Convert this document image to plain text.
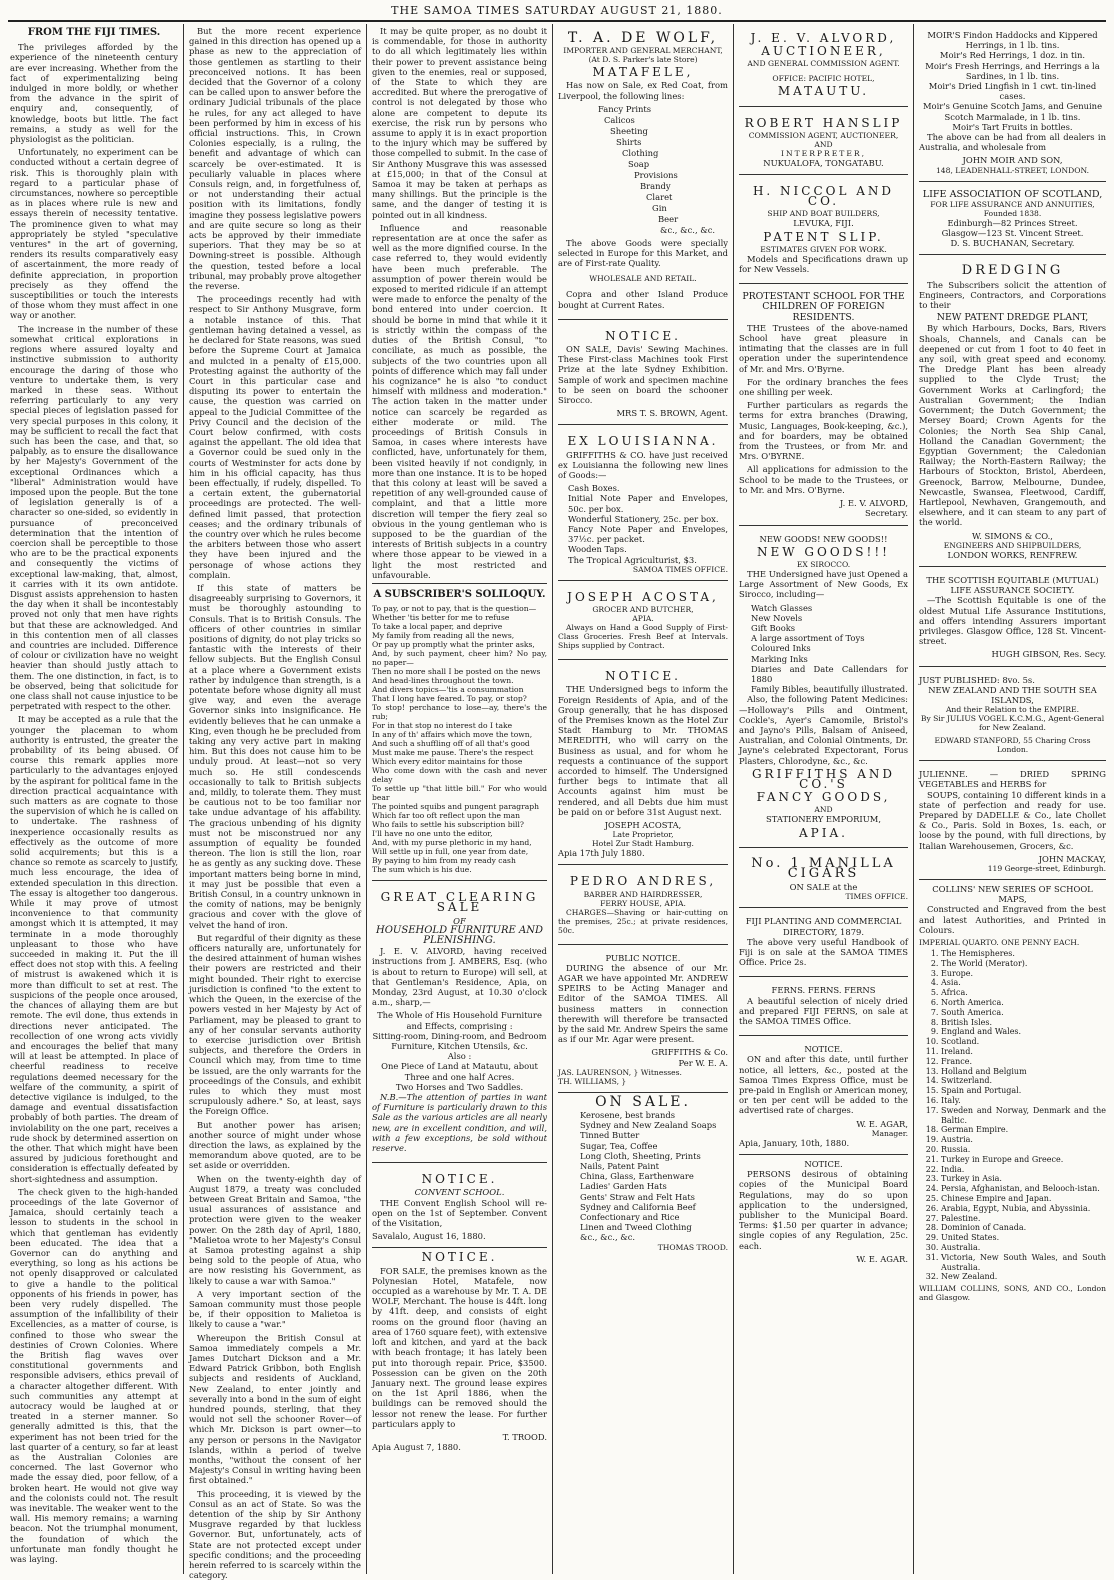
THE SAMOA TIMES SATURDAY AUGUST 21, 1880.
FROM THE FIJI TIMES.

The privileges afforded by the experience of the nineteenth century are ever increasing. Whether from the fact of experimentalizing being indulged in more boldly, or whether from the advance in the spirit of enquiry and, consequently, of knowledge, boots but little. The fact remains, a study as well for the physiologist as the politician.

Unfortunately, no experiment can be conducted without a certain degree of risk. This is thoroughly plain with regard to a particular phase of circumstances, nowhere so perceptible as in places where rule is new and essays therein of necessity tentative. The prominence given to what may appropriately be styled "speculative ventures" in the art of governing, renders its results comparatively easy of ascertainment, the more ready of definite appreciation, in proportion precisely as they offend the susceptibilities or touch the interests of those whom they must affect in one way or another.

The increase in the number of these somewhat critical explorations in regions where assured loyalty and instinctive submission to authority encourage the daring of those who venture to undertake them, is very marked in these seas. Without referring particularly to any very special pieces of legislation passed for very special purposes in this colony, it may be sufficient to recall the fact that such has been the case, and that, so palpably, as to ensure the disallowance by her Majesty's Government of the exceptional Ordinances which a "liberal" Administration would have imposed upon the people. But the tone of legislation generally is of a character so one-sided, so evidently in pursuance of preconceived determination that the intention of coercion shall be perceptible to those who are to be the practical exponents and consequently the victims of exceptional law-making, that, almost, it carries with it its own antidote. Disgust assists apprehension to hasten the day when it shall be incontestably proved not only that men have rights but that these are acknowledged. And in this contention men of all classes and countries are included. Difference of colour or civilization have no weight heavier than should justly attach to them. The one distinction, in fact, is to be observed, being that solicitude for one class shall not cause injustice to be perpetrated with respect to the other.

It may be accepted as a rule that the younger the placeman to whom authority is entrusted, the greater the probability of its being abused. Of course this remark applies more particularly to the advantages enjoyed by the aspirant for political fame in the direction practical acquaintance with such matters as are cognate to those the supervision of which he is called on to undertake. The rashness of inexperience occasionally results as effectively as the outcome of more solid acquirements; but this is a chance so remote as scarcely to justify, much less encourage, the idea of extended speculation in this direction. The essay is altogether too dangerous. While it may prove of utmost inconvenience to that community amongst which it is attempted, it may terminate in a mode thoroughly unpleasant to those who have succeeded in making it. Put the ill effect does not stop with this. A feeling of mistrust is awakened which it is more than difficult to set at rest. The suspicions of the people once aroused, the chances of allaying them are but remote. The evil done, thus extends in directions never anticipated. The recollection of one wrong acts vividly and encourages the belief that many will at least be attempted. In place of cheerful readiness to receive regulations deemed necessary for the welfare of the community, a spirit of detective vigilance is indulged, to the damage and eventual dissatisfaction probably of both parties. The dream of inviolability on the one part, receives a rude shock by determined assertion on the other. That which might have been assured by judicious forethought and consideration is effectually defeated by short-sightedness and assumption.

The check given to the high-handed proceedings of the late Governor of Jamaica, should certainly teach a lesson to students in the school in which that gentleman has evidently been educated. The idea that a Governor can do anything and everything, so long as his actions be not openly disapproved or calculated to give a handle to the political opponents of his friends in power, has been very rudely dispelled. The assumption of the infallibility of their Excellencies, as a matter of course, is confined to those who swear the destinies of Crown Colonies. Where the British flag waves over constitutional governments and responsible advisers, ethics prevail of a character altogether different. With such communities any attempt at autocracy would be laughed at or treated in a sterner manner. So generally admitted is this, that the experiment has not been tried for the last quarter of a century, so far at least as the Australian Colonies are concerned. The last Governor who made the essay died, poor fellow, of a broken heart. He would not give way and the colonists could not. The result was inevitable. The weaker went to the wall. His memory remains; a warning beacon. Not the triumphal monument, the foundation of which the unfortunate man fondly thought he was laying.

But the more recent experience gained in this direction has opened up a phase as new to the appreciation of those gentlemen as startling to their preconceived notions. It has been decided that the Governor of a colony can be called upon to answer before the ordinary Judicial tribunals of the place he rules, for any act alleged to have been performed by him in excess of his official instructions. This, in Crown Colonies especially, is a ruling, the benefit and advantage of which can scarcely be over-estimated. It is peculiarly valuable in places where Consuls reign, and, in forgetfulness of, or not understanding their actual position with its limitations, fondly imagine they possess legislative powers and are quite secure so long as their acts be approved by their immediate superiors. That they may be so at Downing-street is possible. Although the question, tested before a local tribunal, may probably prove altogether the reverse.

The proceedings recently had with respect to Sir Anthony Musgrave, form a notable instance of this. That gentleman having detained a vessel, as he declared for State reasons, was sued before the Supreme Court at Jamaica and mulcted in a penalty of £15,000. Protesting against the authority of the Court in this particular case and disputing its power to entertain the cause, the question was carried on appeal to the Judicial Committee of the Privy Council and the decision of the Court below confirmed, with costs against the appellant. The old idea that a Governor could be sued only in the courts of Westminster for acts done by him in his official capacity, has thus been effectually, if rudely, dispelled. To a certain extent, the gubernatorial proceedings are protected. The well-defined limit passed, that protection ceases; and the ordinary tribunals of the country over which he rules become the arbiters between those who assert they have been injured and the personage of whose actions they complain.

If this state of matters be disagreeably surprising to Governors, it must be thoroughly astounding to Consuls. That is to British Consuls. The officers of other countries in similar positions of dignity, do not play tricks so fantastic with the interests of their fellow subjects. But the English Consul at a place where a Government exists rather by indulgence than strength, is a potentate before whose dignity all must give way, and even the average Governor sinks into insignificance. He evidently believes that he can unmake a King, even though he be precluded from taking any very active part in making him. But this does not cause him to be unduly proud. At least—not so very much so. He still condescends occasionally to talk to British subjects and, mildly, to tolerate them. They must be cautious not to be too familiar nor take undue advantage of his affability. The gracious unbending of his dignity must not be misconstrued nor any assumption of equality be founded thereon. The lion is still the lion, roar he as gently as any sucking dove. These important matters being borne in mind, it may just be possible that even a British Consul, in a country unknown in the comity of nations, may be benignly gracious and cover with the glove of velvet the hand of iron.

But regardful of their dignity as these officers naturally are, unfortunately for the desired attainment of human wishes their powers are restricted and their might bounded. Their right to exercise jurisdiction is confined "to the extent to which the Queen, in the exercise of the powers vested in her Majesty by Act of Parliament, may be pleased to grant to any of her consular servants authority to exercise jurisdiction over British subjects, and therefore the Orders in Council which may, from time to time be issued, are the only warrants for the proceedings of the Consuls, and exhibit rules to which they must most scrupulously adhere." So, at least, says the Foreign Office.

But another power has arisen; another source of might under whose direction the laws, as explained by the memorandum above quoted, are to be set aside or overridden.

When on the twenty-eighth day of August 1879, a treaty was concluded between Great Britain and Samoa, "the usual assurances of assistance and protection were given to the weaker power. On the 28th day of April, 1880, "Malietoa wrote to her Majesty's Consul at Samoa protesting against a ship being sold to the people of Atua, who are now resisting his Government, as likely to cause a war with Samoa."

A very important section of the Samoan community must those people be, if their opposition to Malietoa is likely to cause a "war."

Whereupon the British Consul at Samoa immediately compels a Mr. James Dutchart Dickson and a Mr. Edward Patrick Gribbon, both English subjects and residents of Auckland, New Zealand, to enter jointly and severally into a bond in the sum of eight hundred pounds, sterling, that they would not sell the schooner Rover—of which Mr. Dickson is part owner—to any person or persons in the Navigator Islands, within a period of twelve months, "without the consent of her Majesty's Consul in writing having been first obtained."

This proceeding, it is viewed by the Consul as an act of State. So was the detention of the ship by Sir Anthony Musgrave regarded by that luckless Governor. But, unfortunately, acts of State are not protected except under specific conditions; and the proceeding herein referred to is scarcely within the category.

It may be quite proper, as no doubt it is commendable, for those in authority to do all which legitimately lies within their power to prevent assistance being given to the enemies, real or supposed, of the State to which they are accredited. But where the prerogative of control is not delegated by those who alone are competent to depute its exercise, the risk run by persons who assume to apply it is in exact proportion to the injury which may be suffered by those compelled to submit. In the case of Sir Anthony Musgrave this was assessed at £15,000; in that of the Consul at Samoa it may be taken at perhaps as many shillings. But the principle is the same, and the danger of testing it is pointed out in all kindness.

Influence and reasonable representation are at once the safer as well as the more dignified course. In the case referred to, they would evidently have been much preferable. The assumption of power therein would be exposed to merited ridicule if an attempt were made to enforce the penalty of the bond entered into under coercion. It should be borne in mind that while it it is strictly within the compass of the duties of the British Consul, "to conciliate, as much as possible, the subjects of the two countries upon all points of difference which may fall under his cognizance" he is also "to conduct himself with mildness and moderation." The action taken in the matter under notice can scarcely be regarded as either moderate or mild. The proceedings of British Consuls in Samoa, in cases where interests have conflicted, have, unfortunately for them, been visited heavily if not condignly, in more than one instance. It is to be hoped that this colony at least will be saved a repetition of any well-grounded cause of complaint, and that a little more discretion will temper the fiery zeal so obvious in the young gentleman who is supposed to be the guardian of the interests of British subjects in a country where those appear to be viewed in a light the most restricted and unfavourable.

A SUBSCRIBER'S SOLILOQUY.
To pay, or not to pay, that is the question—
Whether 'tis better for me to refuse
To take a local paper, and deprive
My family from reading all the news,
Or pay up promptly what the printer asks,
And, by such payment, cheer him? No pay, no paper—
Then no more shall I be posted on the news
And head-lines throughout the town.
And divers topics—'tis a consummation
That I long have feared. To pay, or stop?
To stop! perchance to lose—ay, there's the rub;
For in that stop no interest do I take
In any of th' affairs which move the town,
And such a shuffling off of all that's good
Must make me pause. There's the respect
Which every editor maintains for those
Who come down with the cash and never delay
To settle up "that little bill." For who would bear
The pointed squibs and pungent paragraph
Which far too oft reflect upon the man
Who fails to settle his subscription bill?
I'll have no one unto the editor,
And, with my purse plethoric in my hand,
Will settle up in full, one year from date,
By paying to him from my ready cash
The sum which is his due.
GREAT CLEARING SALE
OF
HOUSEHOLD FURNITURE AND PLENISHING.

J. E. V. ALVORD, having received instructions from J. AMBERS, Esq. (who is about to return to Europe) will sell, at that Gentleman's Residence, Apia, on Monday, 23rd August, at 10.30 o'clock a.m., sharp,—

The Whole of His Household Furniture and Effects, comprising :
Sitting-room, Dining-room, and Bedroom Furniture, Kitchen Utensils, &c.
Also :
One Piece of Land at Matautu, about Three and one half Acres.
Two Horses and Two Saddles.

N.B.—The attention of parties in want of Furniture is particularly drawn to this Sale as the various articles are all nearly new, are in excellent condition, and will, with a few exceptions, be sold without reserve.

NOTICE.
CONVENT SCHOOL.

THE Convent English School will re-open on the 1st of September. Convent of the Visitation,

Savalalo, August 16, 1880.
NOTICE.

FOR SALE, the premises known as the Polynesian Hotel, Matafele, now occupied as a warehouse by Mr. T. A. DE WOLF, Merchant. The house is 44ft. long by 41ft. deep, and consists of eight rooms on the ground floor (having an area of 1760 square feet), with extensive loft and kitchen, and yard at the back with beach frontage; it has lately been put into thorough repair. Price, $3500. Possession can be given on the 20th January next. The ground lease expires on the 1st April 1886, when the buildings can be removed should the lessor not renew the lease. For further particulars apply to

T. TROOD.
Apia August 7, 1880.
T. A. DE WOLF,
IMPORTER AND GENERAL MERCHANT,
(At D. S. Parker's late Store)
MATAFELE,

Has now on Sale, ex Red Coat, from Liverpool, the following lines:

Fancy Prints
Calicos
Sheeting
Shirts
Clothing
Soap
Provisions
Brandy
Claret
Gin
Beer
&c., &c., &c.

The above Goods were specially selected in Europe for this Market, and are of First-rate Quality.

WHOLESALE AND RETAIL.

Copra and other Island Produce bought at Current Rates.

NOTICE.

ON SALE, Davis' Sewing Machines. These First-class Machines took First Prize at the late Sydney Exhibition. Sample of work and specimen machine to be seen on board the schooner Sirocco.

MRS T. S. BROWN, Agent.
EX LOUISIANNA.

GRIFFITHS & CO. have just received ex Louisianna the following new lines of Goods:—

Cash Boxes.
Initial Note Paper and Envelopes, 50c. per box.
Wonderful Stationery, 25c. per box.
Fancy Note Paper and Envelopes, 37½c. per packet.
Wooden Taps.
The Tropical Agriculturist, $3.
SAMOA TIMES OFFICE.
JOSEPH ACOSTA,
GROCER AND BUTCHER,
APIA.

Always on Hand a Good Supply of First-Class Groceries. Fresh Beef at Intervals. Ships supplied by Contract.

NOTICE.

THE Undersigned begs to inform the Foreign Residents of Apia, and of the Group generally, that he has disposed of the Premises known as the Hotel Zur Stadt Hamburg to Mr. THOMAS MEREDITH, who will carry on the Business as usual, and for whom he requests a continuance of the support accorded to himself. The Undersigned further begs to intimate that all Accounts against him must be rendered, and all Debts due him must be paid on or before 31st August next.

JOSEPH ACOSTA,
Late Proprietor,
Hotel Zur Stadt Hamburg.
Apia 17th July 1880.
PEDRO ANDRES,
BARBER AND HAIRDRESSER,
FERRY HOUSE, APIA.

CHARGES—Shaving or hair-cutting on the premises, 25c.; at private residences, 50c.

PUBLIC NOTICE.

DURING the absence of our Mr. AGAR we have appointed Mr. ANDREW SPEIRS to be Acting Manager and Editor of the SAMOA TIMES. All business matters in connection therewith will therefore be transacted by the said Mr. Andrew Speirs the same as if our Mr. Agar were present.

GRIFFITHS & Co.
Per W. E. A.
JAS. LAURENSON, } Witnesses.
TH. WILLIAMS, }
ON SALE.
Kerosene, best brands
Sydney and New Zealand Soaps
Tinned Butter
Sugar, Tea, Coffee
Long Cloth, Sheeting, Prints
Nails, Patent Paint
China, Glass, Earthenware
Ladies' Garden Hats
Gents' Straw and Felt Hats
Sydney and California Beef
Confectionary and Rice
Linen and Tweed Clothing
&c., &c., &c.
THOMAS TROOD.
J. E. V. ALVORD,
AUCTIONEER,
AND GENERAL COMMISSION AGENT.
OFFICE: PACIFIC HOTEL,
MATAUTU.
ROBERT HANSLIP
COMMISSION AGENT, AUCTIONEER,
AND
INTERPRETER,
NUKUALOFA, TONGATABU.
H. NICCOL AND CO.
SHIP AND BOAT BUILDERS,
LEVUKA, FIJI.
PATENT SLIP.
ESTIMATES GIVEN FOR WORK.

Models and Specifications drawn up for New Vessels.

PROTESTANT SCHOOL FOR THE CHILDREN OF FOREIGN RESIDENTS.

THE Trustees of the above-named School have great pleasure in intimating that the classes are in full operation under the superintendence of Mr. and Mrs. O'Byrne.

For the ordinary branches the fees one shilling per week.

Further particulars as regards the terms for extra branches (Drawing, Music, Languages, Book-keeping, &c.), and for boarders, may be obtained from the Trustees, or from Mr. and Mrs. O'BYRNE.

All applications for admission to the School to be made to the Trustees, or to Mr. and Mrs. O'Byrne.

J. E. V. ALVORD,
Secretary.
NEW GOODS! NEW GOODS!!
NEW GOODS!!!
EX SIROCCO.

THE Undersigned have just Opened a Large Assortment of New Goods, Ex Sirocco, including—

Watch Glasses
New Novels
Gift Books
A large assortment of Toys
Coloured Inks
Marking Inks
Diaries and Date Callendars for 1880
Family Bibles, beautifully illustrated.

Also, the following Patent Medicines:—Holloway's Pills and Ointment, Cockle's, Ayer's Camomile, Bristol's and Jayno's Pills, Balsam of Aniseed, Australian, and Colonial Ointments, Dr. Jayne's celebrated Expectorant, Forus Plasters, Chlorodyne, &c., &c.

GRIFFITHS AND CO.'S
FANCY GOODS,
AND
STATIONERY EMPORIUM,
APIA.
No. 1 MANILLA CIGARS
ON SALE at the
TIMES OFFICE.
FIJI PLANTING AND COMMERCIAL DIRECTORY, 1879.

The above very useful Handbook of Fiji is on sale at the SAMOA TIMES Office. Price 2s.

FERNS. FERNS. FERNS

A beautiful selection of nicely dried and prepared FIJI FERNS, on sale at the SAMOA TIMES Office.

NOTICE.

ON and after this date, until further notice, all letters, &c., posted at the Samoa Times Express Office, must be pre-paid in English or American money, or ten per cent will be added to the advertised rate of charges.

W. E. AGAR,
Manager.
Apia, January, 10th, 1880.
NOTICE.

PERSONS desirous of obtaining copies of the Municipal Board Regulations, may do so upon application to the undersigned, publisher to the Municipal Board. Terms: $1.50 per quarter in advance; single copies of any Regulation, 25c. each.

W. E. AGAR.
MOIR'S Findon Haddocks and Kippered Herrings, in 1 lb. tins.
Moir's Red Herrings, 1 doz. in tin.
Moir's Fresh Herrings, and Herrings a la Sardines, in 1 lb. tins.
Moir's Dried Lingfish in 1 cwt. tin-lined cases.
Moir's Genuine Scotch Jams, and Genuine Scotch Marmalade, in 1 lb. tins.
Moir's Tart Fruits in bottles.

The above can be had from all dealers in Australia, and wholesale from

JOHN MOIR AND SON,
148, LEADENHALL-STREET, LONDON.
LIFE ASSOCIATION OF SCOTLAND,
FOR LIFE ASSURANCE AND ANNUITIES, Founded 1838.
Edinburgh—82 Princes Street.
Glasgow—123 St. Vincent Street.
D. S. BUCHANAN, Secretary.
DREDGING

The Subscribers solicit the attention of Engineers, Contractors, and Corporations to their

NEW PATENT DREDGE PLANT,

By which Harbours, Docks, Bars, Rivers Shoals, Channels, and Canals can be deepened or cut from 1 foot to 40 feet in any soil, with great speed and economy. The Dredge Plant has been already supplied to the Clyde Trust; the Government Works at Carlingford; the Australian Government; the Indian Government; the Dutch Government; the Mersey Board; Crown Agents for the Colonies; the North Sea Ship Canal, Holland the Canadian Government; the Egyptian Government; the Caledonian Railway; the North-Eastern Railway; the Harbours of Stockton, Bristol, Aberdeen, Greenock, Barrow, Melbourne, Dundee, Newcastle, Swansea, Fleetwood, Cardiff, Hartlepool, Newhaven, Grangemouth, and elsewhere, and it can steam to any part of the world.

W. SIMONS & CO.,
ENGINEERS AND SHIPBUILDERS,
LONDON WORKS, RENFREW.
THE SCOTTISH EQUITABLE (MUTUAL) LIFE ASSURANCE SOCIETY.

—The Scottish Equitable is one of the oldest Mutual Life Assurance Institutions, and offers intending Assurers important privileges. Glasgow Office, 128 St. Vincent-street.

HUGH GIBSON, Res. Secy.
JUST PUBLISHED: 8vo. 5s.
NEW ZEALAND AND THE SOUTH SEA ISLANDS,
And their Relation to the EMPIRE.
By Sir JULIUS VOGEL K.C.M.G., Agent-General for New Zealand.
EDWARD STANFORD, 55 Charing Cross London.
JULIENNE. — DRIED SPRING VEGETABLES and HERBS for

SOUPS, containing 10 different kinds in a state of perfection and ready for use. Prepared by DADELLE & Co., late Chollet & Co., Paris. Sold in Boxes, 1s. each, or loose by the pound, with full directions, by Italian Warehousemen, Grocers, &c.

JOHN MACKAY,
119 George-street, Edinburgh.
COLLINS' NEW SERIES OF SCHOOL MAPS,

Constructed and Engraved from the best and latest Authorities, and Printed in Colours.

IMPERIAL QUARTO. ONE PENNY EACH.
1. The Hemispheres.
2. The World (Merator).
3. Europe.
4. Asia.
5. Africa.
6. North America.
7. South America.
8. British Isles.
9. England and Wales.
10. Scotland.
11. Ireland.
12. France.
13. Holland and Belgium
14. Switzerland.
15. Spain and Portugal.
16. Italy.
17. Sweden and Norway, Denmark and the Baltic.
18. German Empire.
19. Austria.
20. Russia.
21. Turkey in Europe and Greece.
22. India.
23. Turkey in Asia.
24. Persia, Afghanistan, and Belooch-istan.
25. Chinese Empire and Japan.
26. Arabia, Egypt, Nubia, and Abyssinia.
27. Palestine.
28. Dominion of Canada.
29. United States.
30. Australia.
31. Victoria, New South Wales, and South Australia.
32. New Zealand.
WILLIAM COLLINS, SONS, AND CO., London and Glasgow.
